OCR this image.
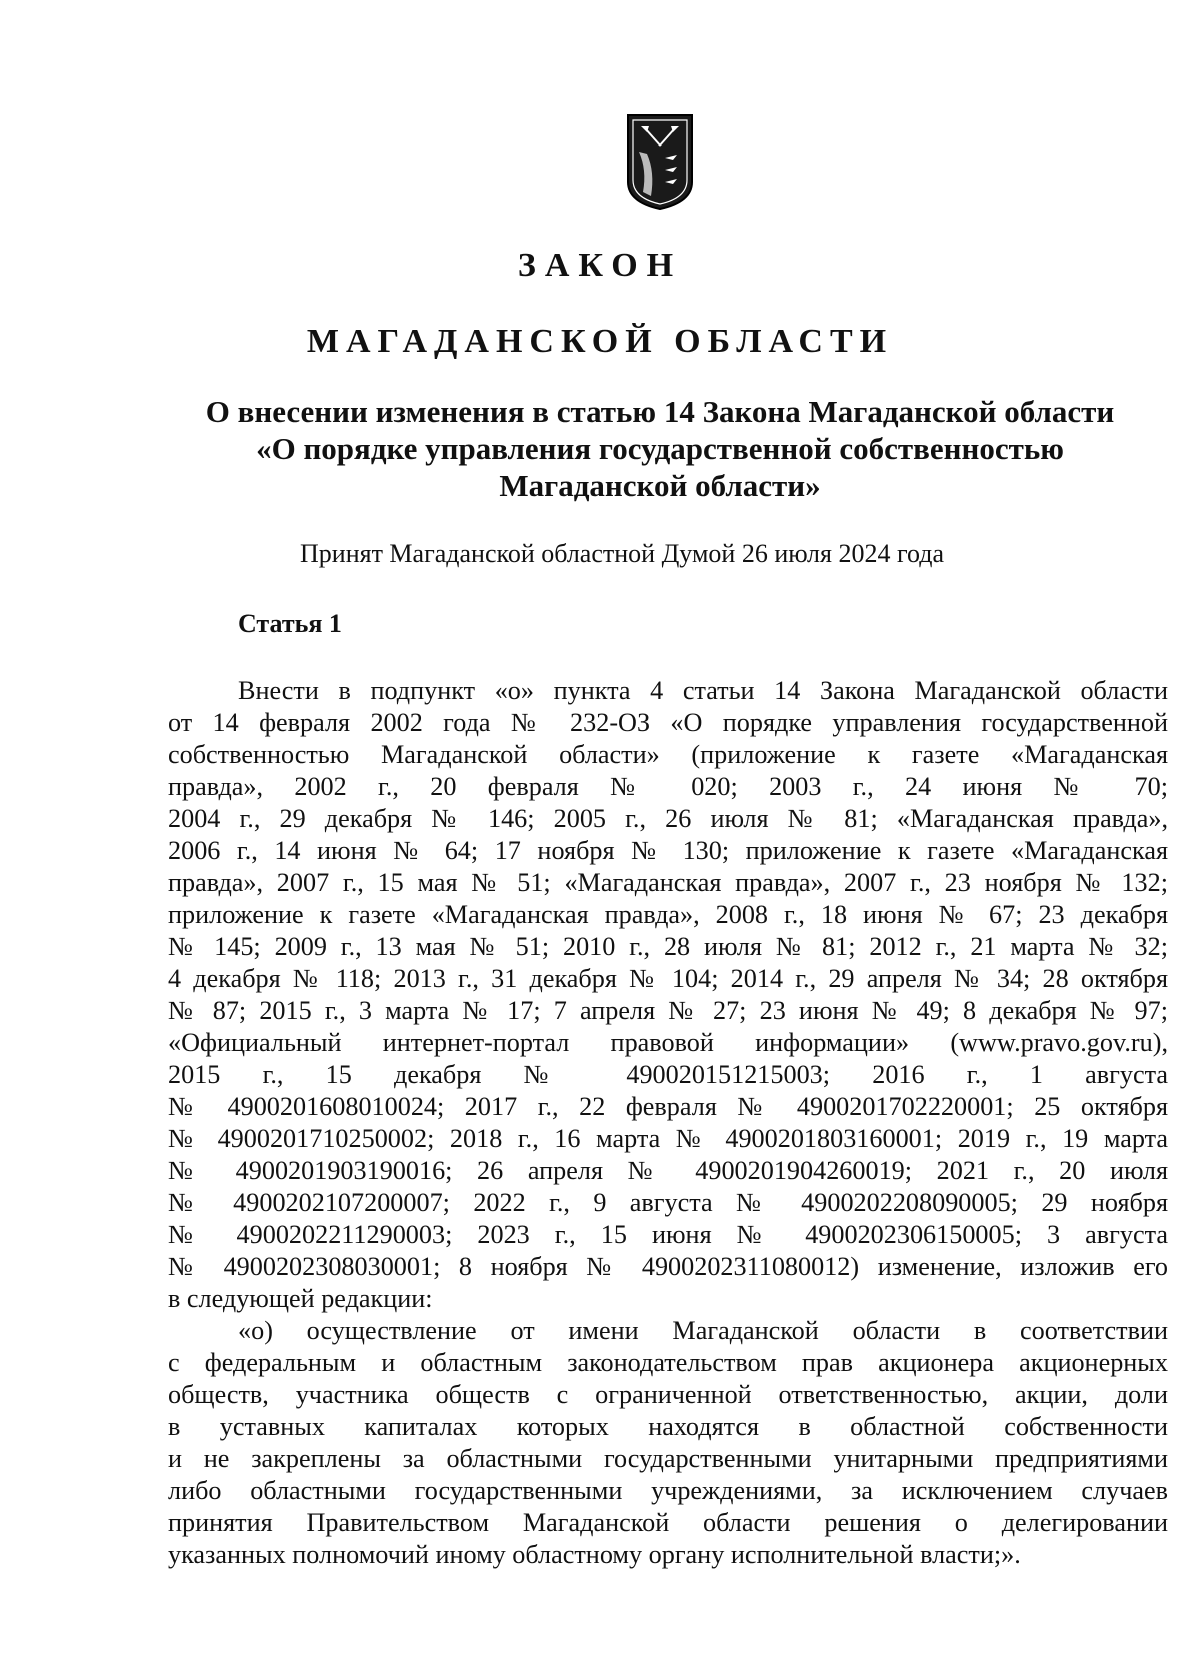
ЗАКОН
МАГАДАНСКОЙ ОБЛАСТИ
О внесении изменения в статью 14 Закона Магаданской области
«О порядке управления государственной собственностью
Магаданской области»
Принят Магаданской областной Думой 26 июля 2024 года
Статья 1
Внести в подпункт «о» пункта 4 статьи 14 Закона Магаданской области
от 14 февраля 2002 года № 232-ОЗ «О порядке управления государственной
собственностью Магаданской области» (приложение к газете «Магаданская
правда», 2002 г., 20 февраля № 020; 2003 г., 24 июня № 70;
2004 г., 29 декабря № 146; 2005 г., 26 июля № 81; «Магаданская правда»,
2006 г., 14 июня № 64; 17 ноября № 130; приложение к газете «Магаданская
правда», 2007 г., 15 мая № 51; «Магаданская правда», 2007 г., 23 ноября № 132;
приложение к газете «Магаданская правда», 2008 г., 18 июня № 67; 23 декабря
№ 145; 2009 г., 13 мая № 51; 2010 г., 28 июля № 81; 2012 г., 21 марта № 32;
4 декабря № 118; 2013 г., 31 декабря № 104; 2014 г., 29 апреля № 34; 28 октября
№ 87; 2015 г., 3 марта № 17; 7 апреля № 27; 23 июня № 49; 8 декабря № 97;
«Официальный интернет-портал правовой информации» (www.pravo.gov.ru),
2015 г., 15 декабря № 490020151215003; 2016 г., 1 августа
№ 4900201608010024; 2017 г., 22 февраля № 4900201702220001; 25 октября
№ 4900201710250002; 2018 г., 16 марта № 4900201803160001; 2019 г., 19 марта
№ 4900201903190016; 26 апреля № 4900201904260019; 2021 г., 20 июля
№ 4900202107200007; 2022 г., 9 августа № 4900202208090005; 29 ноября
№ 4900202211290003; 2023 г., 15 июня № 4900202306150005; 3 августа
№ 4900202308030001; 8 ноября № 4900202311080012) изменение, изложив его
в следующей редакции:
«о) осуществление от имени Магаданской области в соответствии
с федеральным и областным законодательством прав акционера акционерных
обществ, участника обществ с ограниченной ответственностью, акции, доли
в уставных капиталах которых находятся в областной собственности
и не закреплены за областными государственными унитарными предприятиями
либо областными государственными учреждениями, за исключением случаев
принятия Правительством Магаданской области решения о делегировании
указанных полномочий иному областному органу исполнительной власти;».
